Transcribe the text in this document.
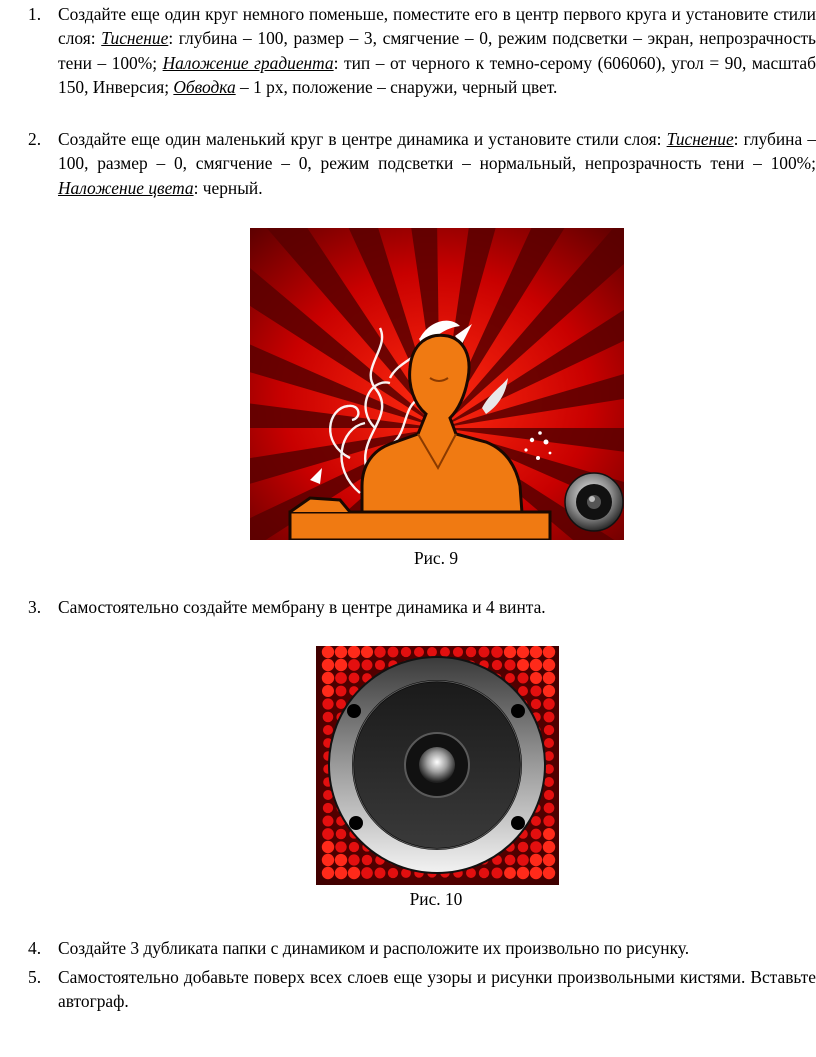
1. Создайте еще один круг немного поменьше, поместите его в центр первого круга и установите стили слоя: Тиснение: глубина – 100, размер – 3, смягчение – 0, режим подсветки – экран, непрозрачность тени – 100%; Наложение градиента: тип – от черного к темно-серому (606060), угол = 90, масштаб 150, Инверсия; Обводка – 1 px, положение – снаружи, черный цвет.
2. Создайте еще один маленький круг в центре динамика и установите стили слоя: Тиснение: глубина – 100, размер – 0, смягчение – 0, режим подсветки – нормальный, непрозрачность тени – 100%; Наложение цвета: черный.
Рис. 9
3. Самостоятельно создайте мембрану в центре динамика и 4 винта.
Рис. 10
4. Создайте 3 дубликата папки с динамиком и расположите их произвольно по рисунку.
5. Самостоятельно добавьте поверх всех слоев еще узоры и рисунки произвольными кистями. Вставьте автограф.
